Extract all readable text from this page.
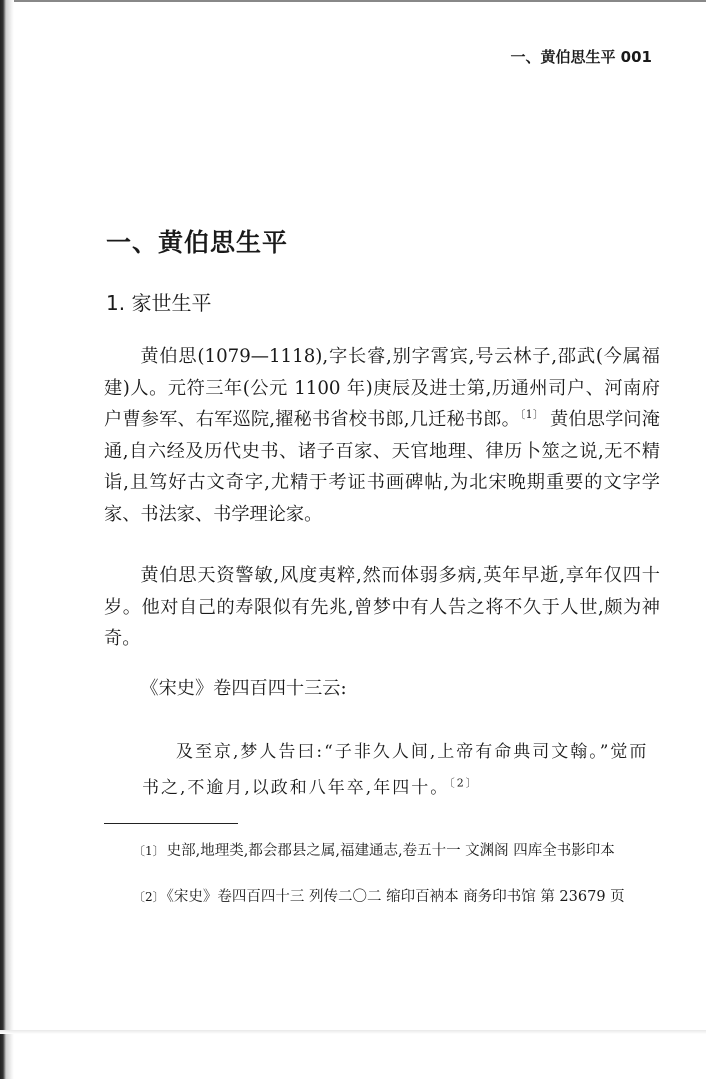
一、黄伯思生平 001
一、黄伯思生平
1. 家世生平

黄伯思(1079—1118),字长睿,别字霄宾,号云林子,邵武(今属福建)人。元符三年(公元 1100 年)庚辰及进士第,历通州司户、河南府户曹参军、右军巡院,擢秘书省校书郎,几迁秘书郎。$^{〔1〕}$ 黄伯思学问淹通,自六经及历代史书、诸子百家、天官地理、律历卜筮之说,无不精诣,且笃好古文奇字,尤精于考证书画碑帖,为北宋晚期重要的文字学家、书法家、书学理论家。

黄伯思天资警敏,风度夷粹,然而体弱多病,英年早逝,享年仅四十岁。他对自己的寿限似有先兆,曾梦中有人告之将不久于人世,颇为神奇。

《宋史》卷四百四十三云:

及至京,梦人告曰:“子非久人间,上帝有命典司文翰。”觉而书之,不逾月,以政和八年卒,年四十。$^{〔2〕}$

〔1〕 史部,地理类,都会郡县之属,福建通志,卷五十一 文渊阁 四库全书影印本

〔2〕 《宋史》卷四百四十三 列传二〇二 缩印百衲本 商务印书馆 第 23679 页
